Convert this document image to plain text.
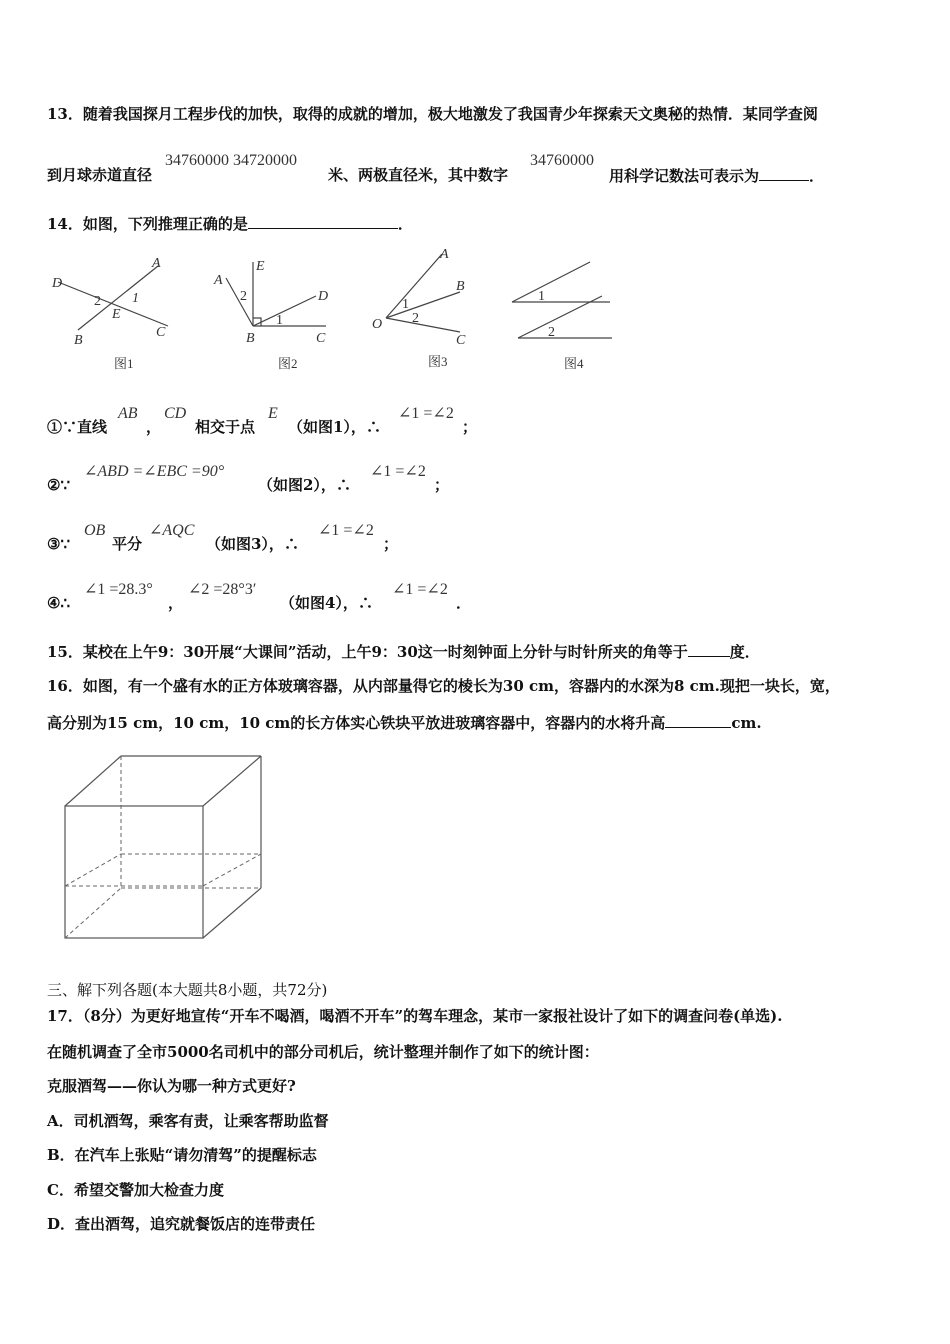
13．随着我国探月工程步伐的加快，取得的成就的增加，极大地激发了我国青少年探索天文奥秘的热情．某同学查阅
到月球赤道直径
34760000 34720000
米、两极直径米，其中数字
34760000
用科学记数法可表示为	．
14．如图，下列推理正确的是	．
D
A
2 1
E
B
C
图1
E
A
2	D
1
B	C
图2
A
B
O
1
2
C
图3
1
2
图4
①∵直线
AB
，
CD
相交于点
E
（如图1），∴
∠1 =∠2
；
②∵
∠ABD =∠EBC =90°
（如图2），∴
∠1 =∠2
；
③∵
OB
平分
∠AQC
（如图3），∴
∠1 =∠2
；
④∴
∠1 =28.3°
，
∠2 =28°3′
（如图4），∴
∠1 =∠2
．
15．某校在上午9：30开展“大课间”活动，上午9：30这一时刻钟面上分针与时针所夹的角等于	度．
16．如图，有一个盛有水的正方体玻璃容器，从内部量得它的棱长为30 cm，容器内的水深为8 cm.现把一块长，宽，
高分别为15 cm，10 cm，10 cm的长方体实心铁块平放进玻璃容器中，容器内的水将升高	cm.
三、解下列各题(本大题共8小题，共72分)
17．（8分）为更好地宣传“开车不喝酒，喝酒不开车”的驾车理念，某市一家报社设计了如下的调查问卷(单选).
在随机调查了全市5000名司机中的部分司机后，统计整理并制作了如下的统计图：
克服酒驾——你认为哪一种方式更好?
A．司机酒驾，乘客有责，让乘客帮助监督
B．在汽车上张贴“请勿清驾”的提醒标志
C．希望交警加大检查力度
D．查出酒驾，追究就餐饭店的连带责任
